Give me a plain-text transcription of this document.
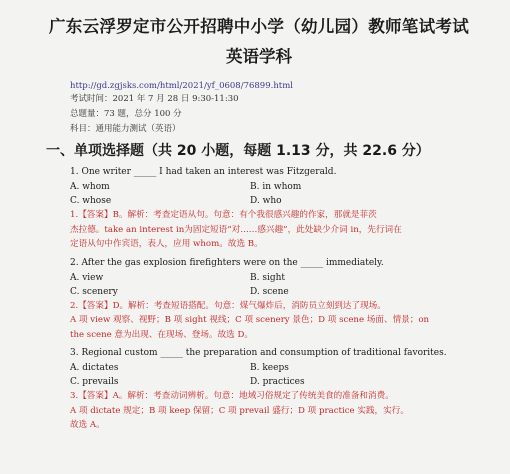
广东云浮罗定市公开招聘中小学（幼儿园）教师笔试考试
英语学科
http://gd.zgjsks.com/html/2021/yf_0608/76899.html
考试时间：2021 年 7 月 28 日 9:30-11:30
总题量：73 题，总分 100 分
科目：通用能力测试（英语）
一、单项选择题（共 20 小题，每题 1.13 分，共 22.6 分）
1. One writer _____ I had taken an interest was Fitzgerald.
A. whom	B. in whom
C. whose	D. who
1.【答案】B。解析：考查定语从句。句意：有个我很感兴趣的作家，那就是菲茨
杰拉德。take an interest in为固定短语“对……感兴趣”，此处缺少介词 in，先行词在
定语从句中作宾语，表人，应用 whom。故选 B。
2. After the gas explosion firefighters were on the _____ immediately.
A. view	B. sight
C. scenery	D. scene
2.【答案】D。解析：考查短语搭配。句意：煤气爆炸后，消防员立刻到达了现场。
A 项 view 观察、视野；B 项 sight 视线；C 项 scenery 景色；D 项 scene 场面、情景；on
the scene 意为出现、在现场、登场。故选 D。
3. Regional custom _____ the preparation and consumption of traditional favorites.
A. dictates	B. keeps
C. prevails	D. practices
3.【答案】A。解析：考查动词辨析。句意：地域习俗规定了传统美食的准备和消费。
A 项 dictate 规定；B 项 keep 保留；C 项 prevail 盛行；D 项 practice 实践，实行。
故选 A。
